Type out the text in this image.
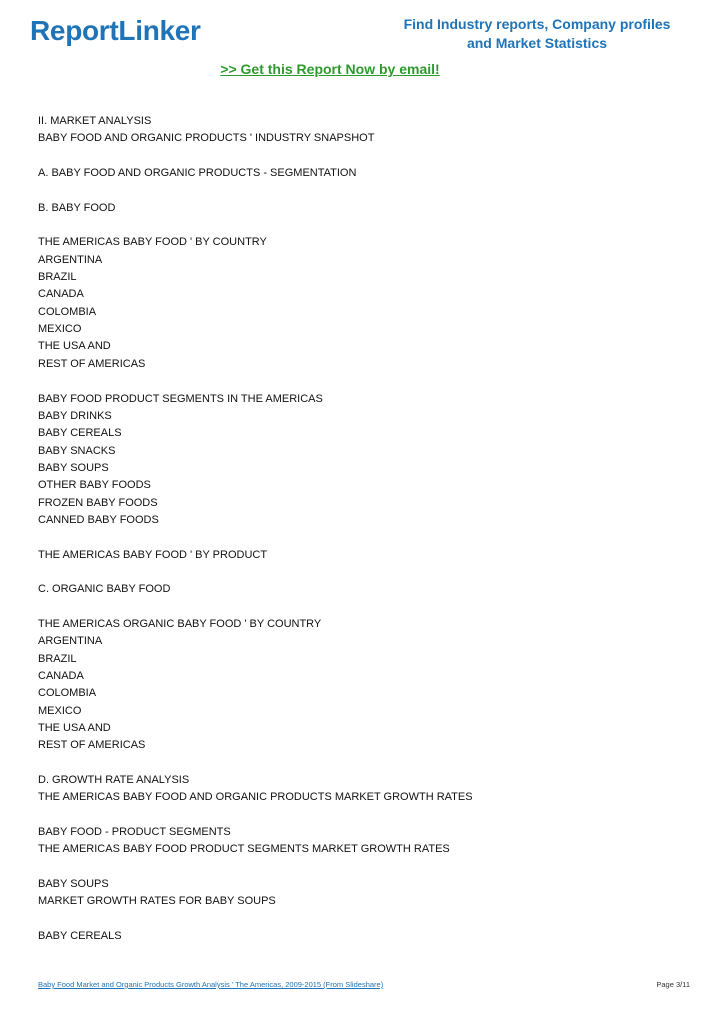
ReportLinker	Find Industry reports, Company profiles
and Market Statistics
>> Get this Report Now by email!
II. MARKET ANALYSIS
BABY FOOD AND ORGANIC PRODUCTS ' INDUSTRY SNAPSHOT
A. BABY FOOD AND ORGANIC PRODUCTS - SEGMENTATION
B. BABY FOOD
THE AMERICAS BABY FOOD ' BY COUNTRY
ARGENTINA
BRAZIL
CANADA
COLOMBIA
MEXICO
THE USA AND
REST OF AMERICAS
BABY FOOD PRODUCT SEGMENTS IN THE AMERICAS
BABY DRINKS
BABY CEREALS
BABY SNACKS
BABY SOUPS
OTHER BABY FOODS
FROZEN BABY FOODS
CANNED BABY FOODS
THE AMERICAS BABY FOOD ' BY PRODUCT
C. ORGANIC BABY FOOD
THE AMERICAS ORGANIC BABY FOOD ' BY COUNTRY
ARGENTINA
BRAZIL
CANADA
COLOMBIA
MEXICO
THE USA AND
REST OF AMERICAS
D. GROWTH RATE ANALYSIS
THE AMERICAS BABY FOOD AND ORGANIC PRODUCTS MARKET GROWTH RATES
BABY FOOD - PRODUCT SEGMENTS
THE AMERICAS BABY FOOD PRODUCT SEGMENTS MARKET GROWTH RATES
BABY SOUPS
MARKET GROWTH RATES FOR BABY SOUPS
BABY CEREALS
Baby Food Market and Organic Products Growth Analysis ' The Americas, 2009-2015 (From Slideshare)	Page 3/11
